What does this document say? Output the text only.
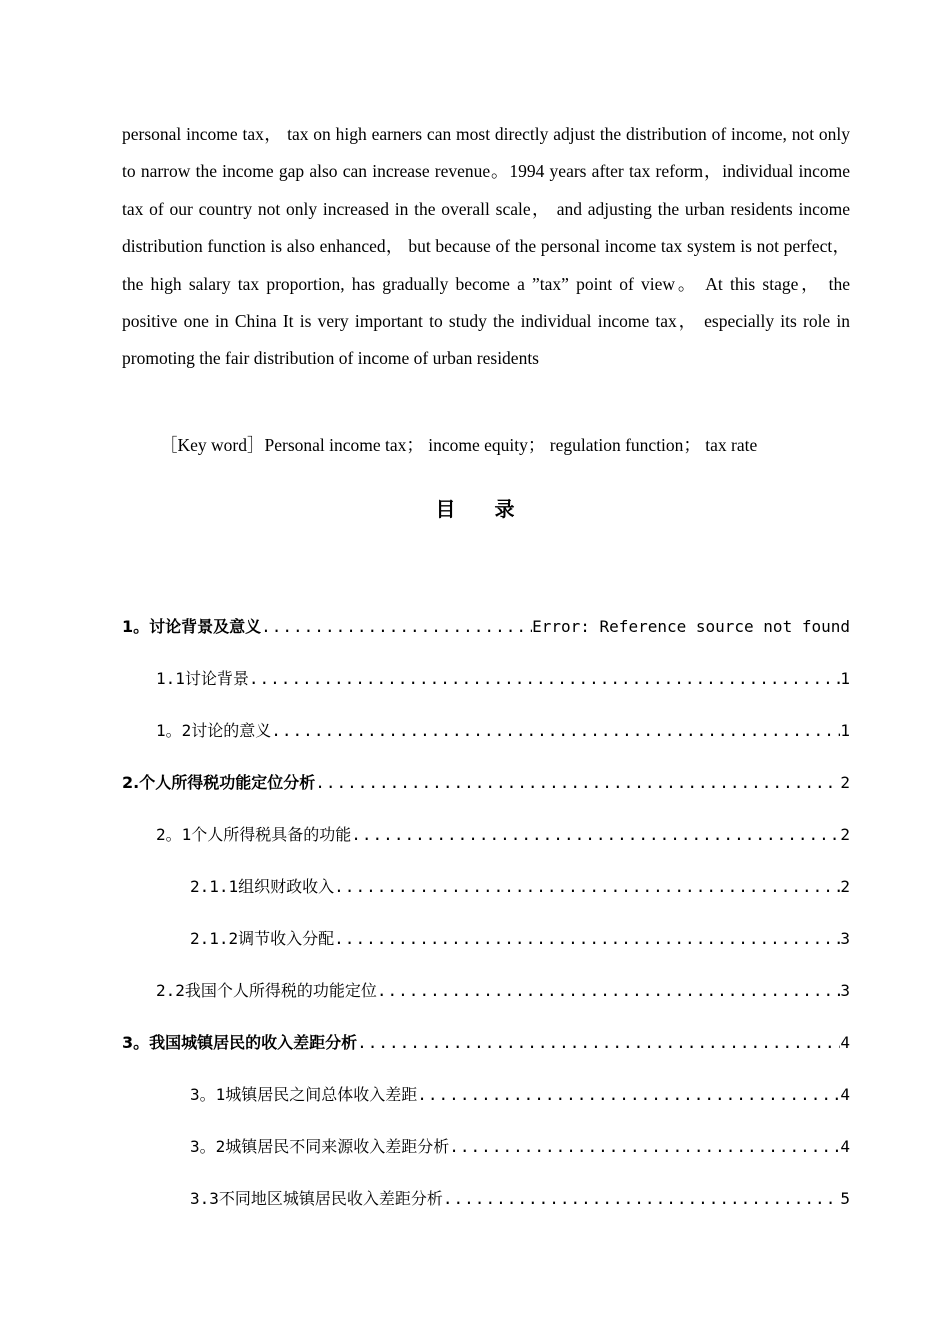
personal income tax， tax on high earners can most directly adjust the distribution of income, not only to narrow the income gap also can increase revenue。1994 years after tax reform，individual income tax of our country not only increased in the overall scale， and adjusting the urban residents income distribution function is also enhanced， but because of the personal income tax system is not perfect， the high salary tax proportion, has gradually become a ”tax” point of view。 At this stage， the positive one in China It is very important to study the individual income tax， especially its role in promoting the fair distribution of income of urban residents

［Key word］Personal income tax； income equity； regulation function； tax rate

目 录
1。讨论背景及意义 .....	Error: Reference source not found
1.1讨论背景 .....	1
1。2讨论的意义 .....	1
2.个人所得税功能定位分析 .....	2
2。1个人所得税具备的功能 .....	2
2.1.1组织财政收入 .....	2
2.1.2调节收入分配 .....	3
2.2我国个人所得税的功能定位 .....	3
3。我国城镇居民的收入差距分析 .....	4
3。1城镇居民之间总体收入差距 .....	4
3。2城镇居民不同来源收入差距分析 .....	4
3.3不同地区城镇居民收入差距分析 .....	5
